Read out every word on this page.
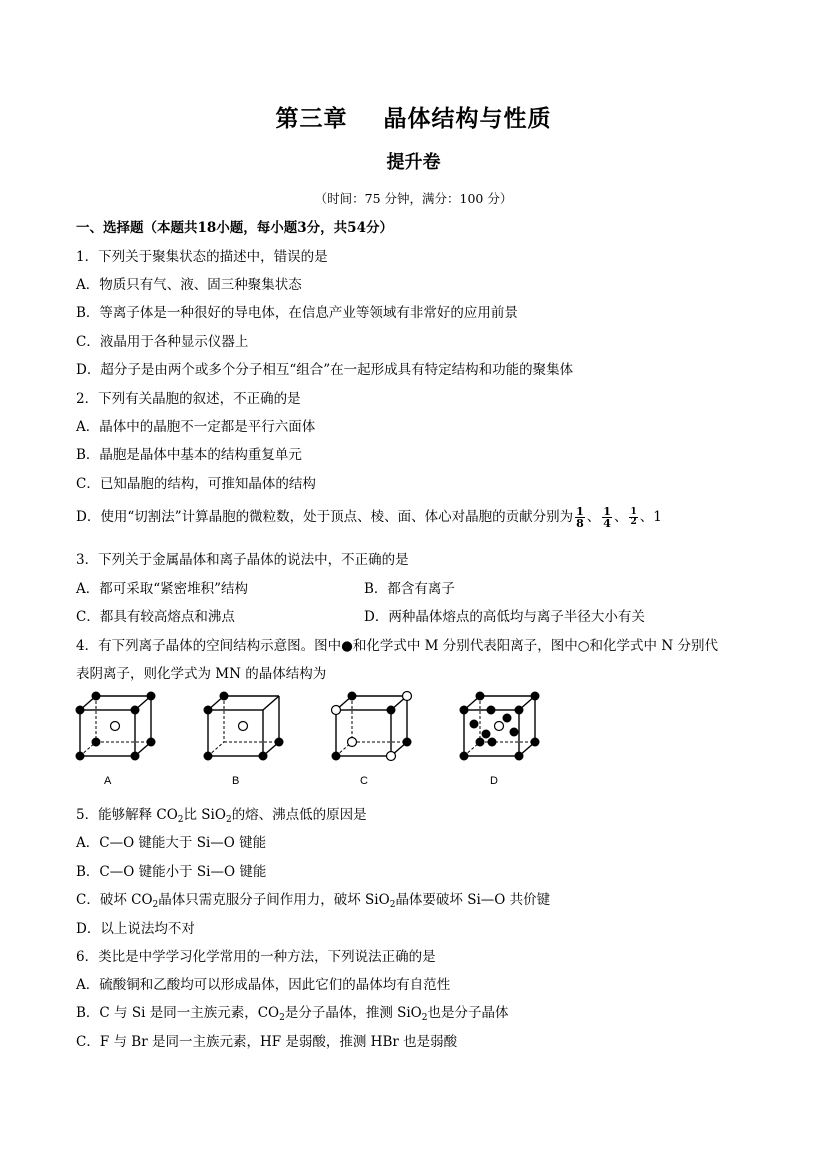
第三章    晶体结构与性质
提升卷
（时间：75 分钟，满分：100 分）
一、选择题（本题共18小题，每小题3分，共54分）
1．下列关于聚集状态的描述中，错误的是
A．物质只有气、液、固三种聚集状态
B．等离子体是一种很好的导电体，在信息产业等领域有非常好的应用前景
C．液晶用于各种显示仪器上
D．超分子是由两个或多个分子相互“组合”在一起形成具有特定结构和功能的聚集体
2．下列有关晶胞的叙述，不正确的是
A．晶体中的晶胞不一定都是平行六面体
B．晶胞是晶体中基本的结构重复单元
C．已知晶胞的结构，可推知晶体的结构
D．使用“切割法”计算晶胞的微粒数，处于顶点、棱、面、体心对晶胞的贡献分别为 $\frac{1}{8}$ 、 $\frac{1}{4}$ 、 $\frac{1}{2}$ 、1
3．下列关于金属晶体和离子晶体的说法中，不正确的是
A．都可采取“紧密堆积”结构	B．都含有离子
C．都具有较高熔点和沸点	D．两种晶体熔点的高低均与离子半径大小有关
4．有下列离子晶体的空间结构示意图。图中●和化学式中 M 分别代表阳离子，图中○和化学式中 N 分别代
表阴离子，则化学式为 MN 的晶体结构为
A	B	C	D
5．能够解释 $CO_2$比 SiO$_2$的熔、沸点低的原因是
A．C—O 键能大于 Si—O 键能
B．C—O 键能小于 Si—O 键能
C．破坏 $CO_2$晶体只需克服分子间作用力，破坏 SiO$_2$晶体要破坏 Si—O 共价键
D．以上说法均不对
6．类比是中学学习化学常用的一种方法，下列说法正确的是
A．硫酸铜和乙酸均可以形成晶体，因此它们的晶体均有自范性
B．C 与 Si 是同一主族元素，$CO_2$是分子晶体，推测 SiO$_2$也是分子晶体
C．F 与 Br 是同一主族元素，HF 是弱酸，推测 HBr 也是弱酸
